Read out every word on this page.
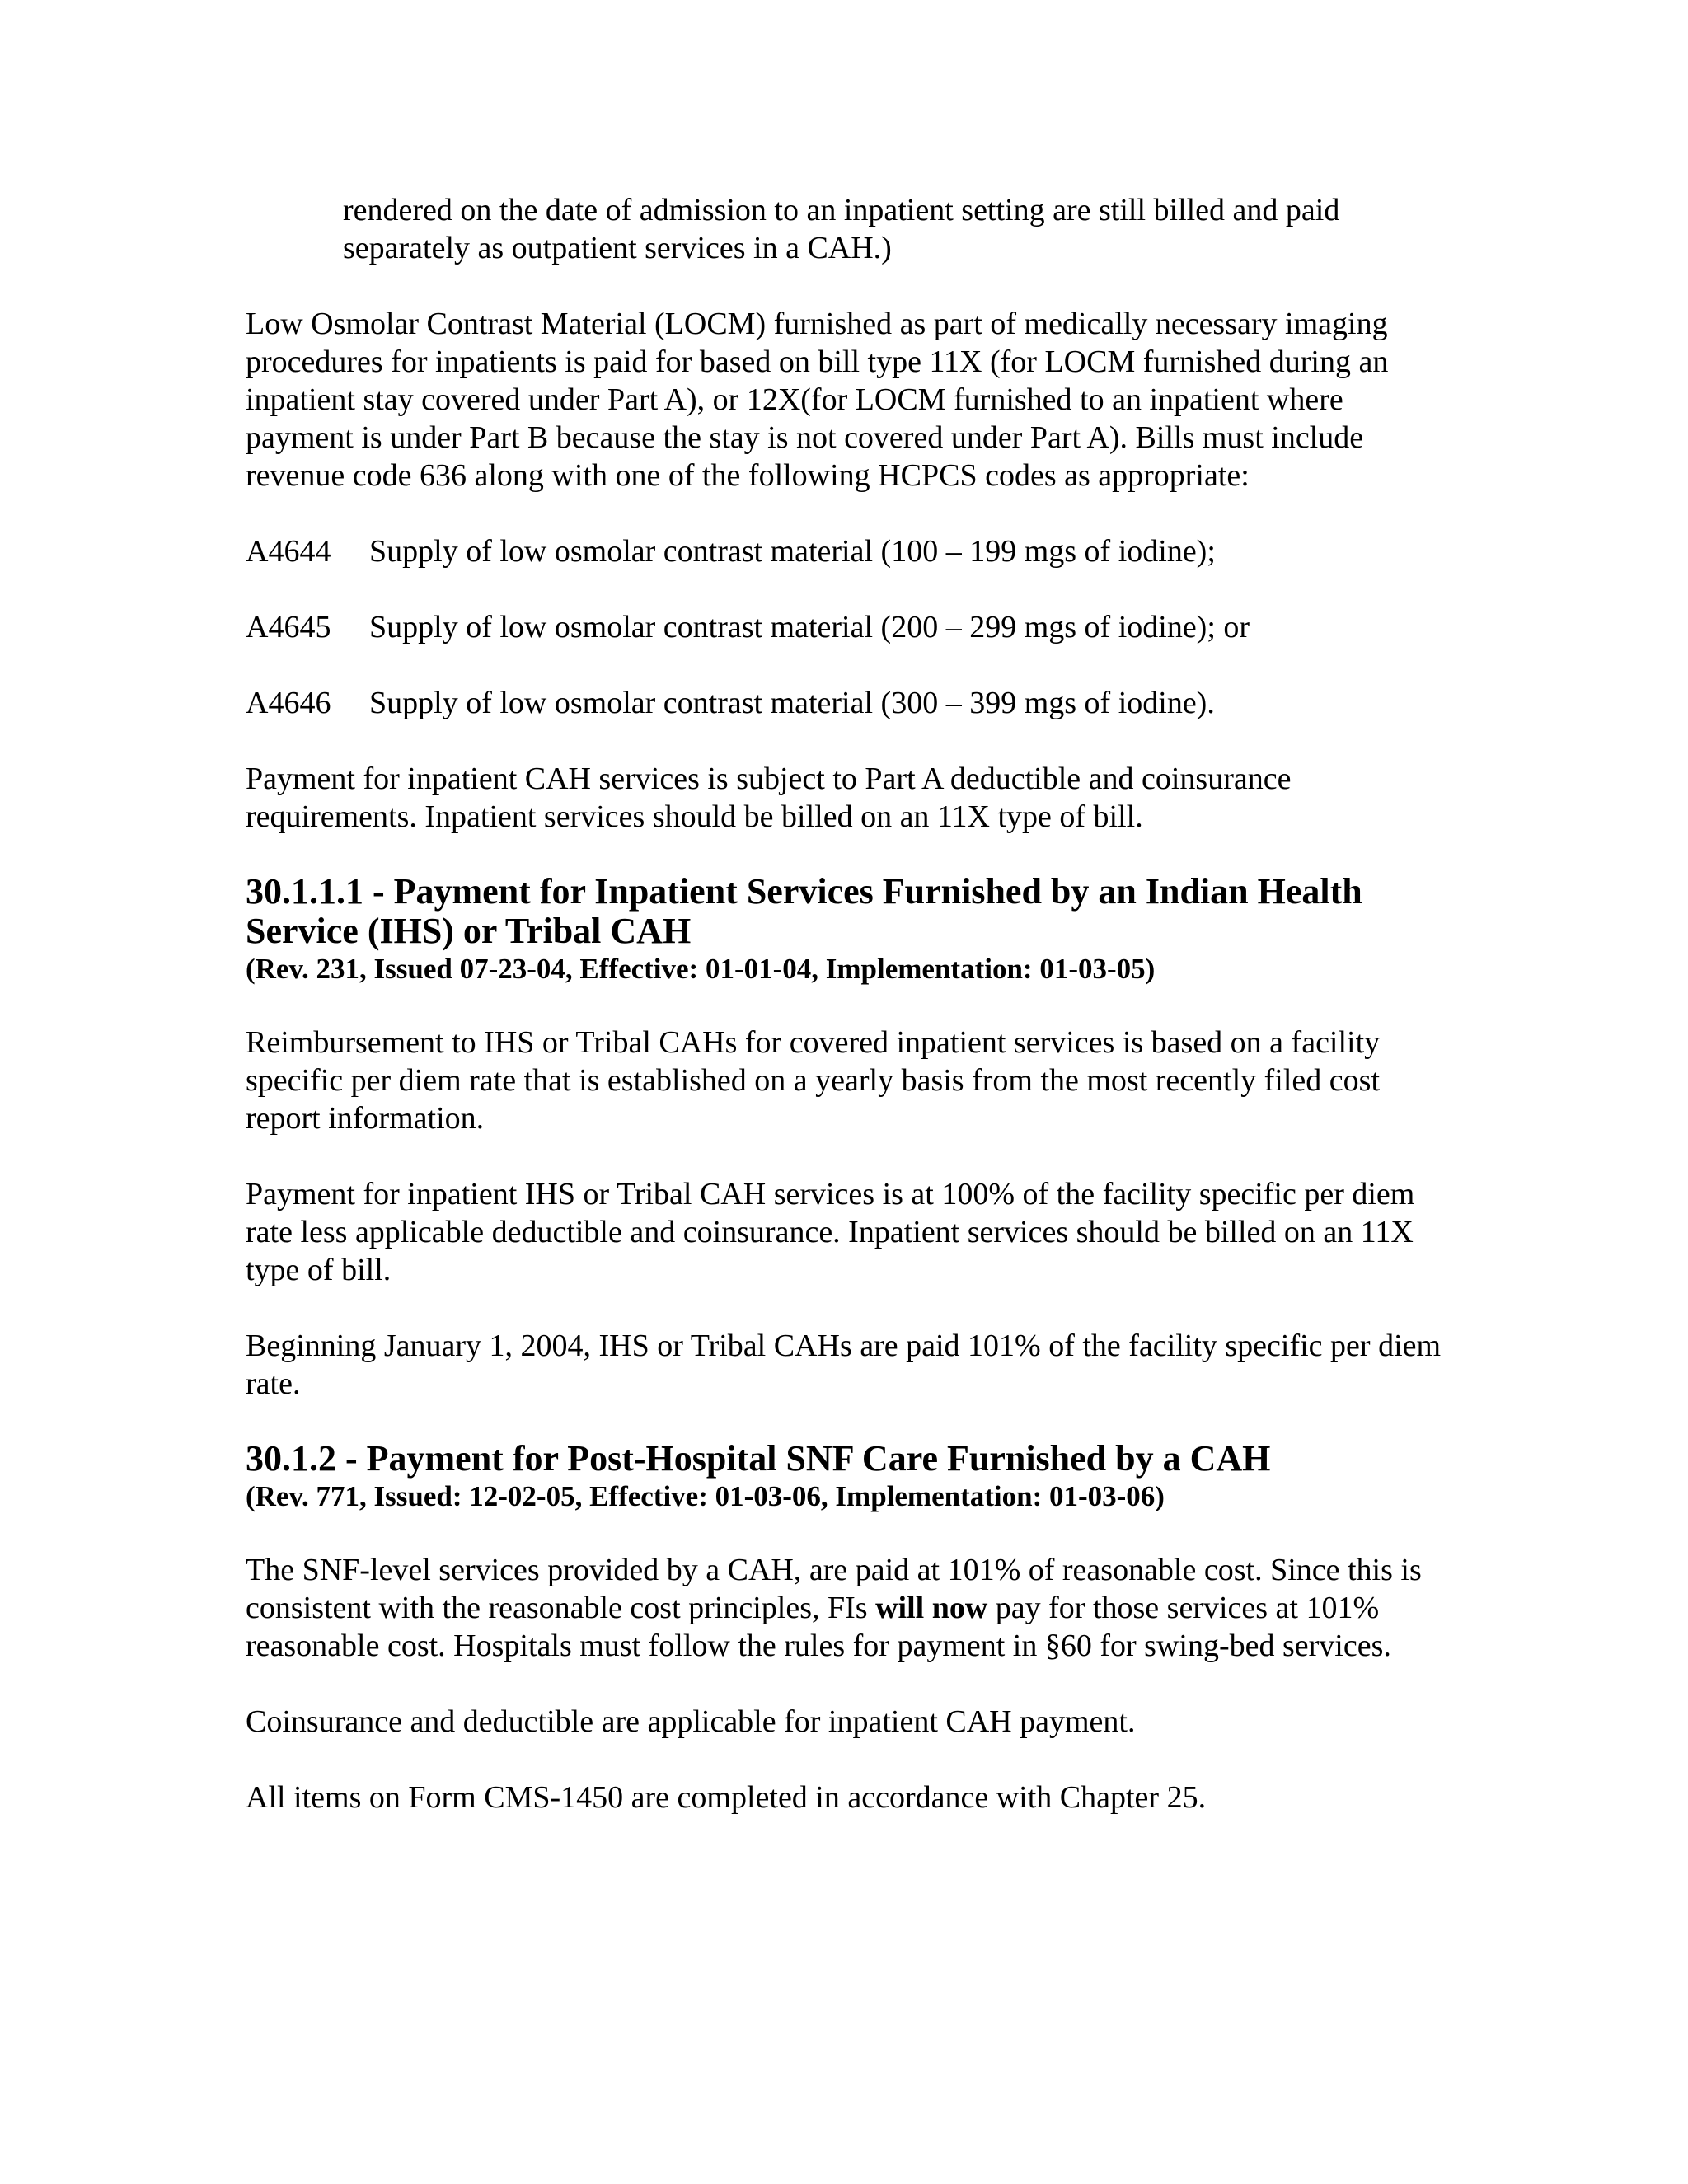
rendered on the date of admission to an inpatient setting are still billed and paid separately as outpatient services in a CAH.)

Low Osmolar Contrast Material (LOCM) furnished as part of medically necessary imaging procedures for inpatients is paid for based on bill type 11X (for LOCM furnished during an inpatient stay covered under Part A), or 12X(for LOCM furnished to an inpatient where payment is under Part B because the stay is not covered under Part A). Bills must include revenue code 636 along with one of the following HCPCS codes as appropriate:

A4644	Supply of low osmolar contrast material (100 – 199 mgs of iodine);
A4645	Supply of low osmolar contrast material (200 – 299 mgs of iodine); or
A4646	Supply of low osmolar contrast material (300 – 399 mgs of iodine).

Payment for inpatient CAH services is subject to Part A deductible and coinsurance requirements. Inpatient services should be billed on an 11X type of bill.

30.1.1.1 - Payment for Inpatient Services Furnished by an Indian Health Service (IHS) or Tribal CAH
(Rev. 231, Issued 07-23-04, Effective: 01-01-04, Implementation: 01-03-05)

Reimbursement to IHS or Tribal CAHs for covered inpatient services is based on a facility specific per diem rate that is established on a yearly basis from the most recently filed cost report information.

Payment for inpatient IHS or Tribal CAH services is at 100% of the facility specific per diem rate less applicable deductible and coinsurance. Inpatient services should be billed on an 11X type of bill.

Beginning January 1, 2004, IHS or Tribal CAHs are paid 101% of the facility specific per diem rate.

30.1.2 - Payment for Post-Hospital SNF Care Furnished by a CAH
(Rev. 771, Issued: 12-02-05, Effective: 01-03-06, Implementation: 01-03-06)

The SNF-level services provided by a CAH, are paid at 101% of reasonable cost. Since this is consistent with the reasonable cost principles, FIs will now pay for those services at 101% reasonable cost. Hospitals must follow the rules for payment in §60 for swing-bed services.

Coinsurance and deductible are applicable for inpatient CAH payment.

All items on Form CMS-1450 are completed in accordance with Chapter 25.
